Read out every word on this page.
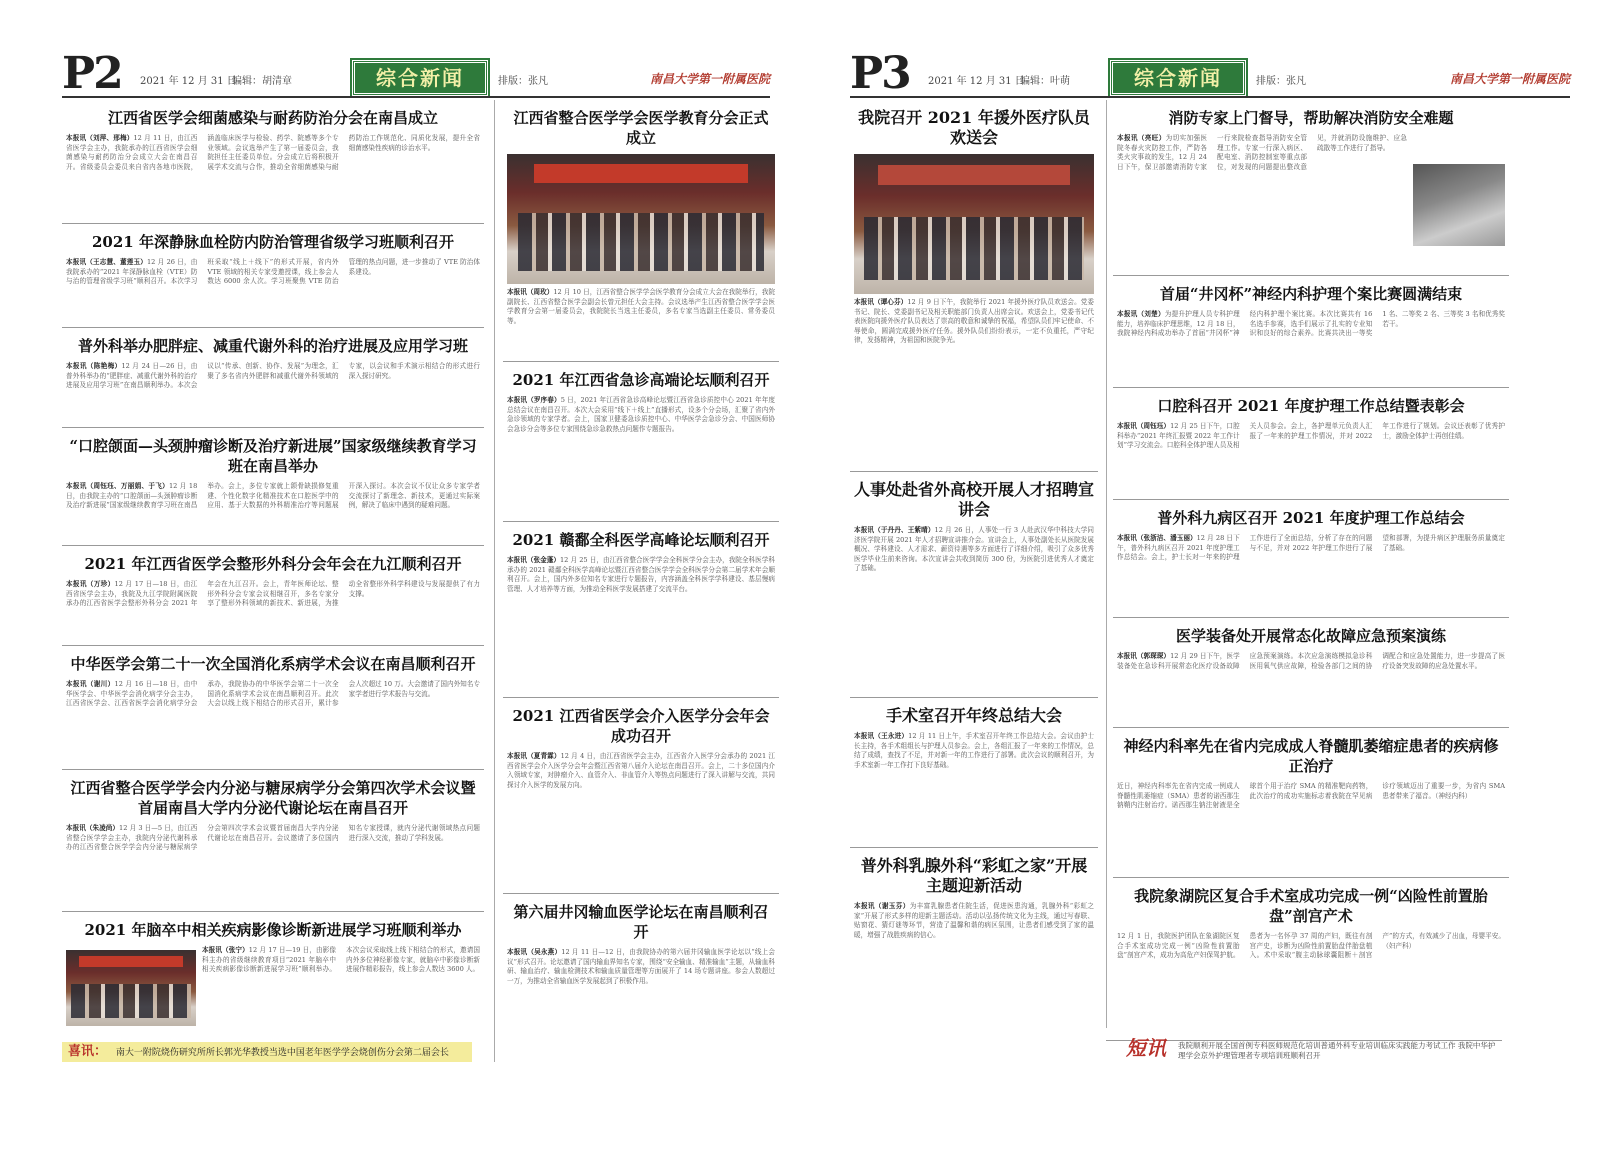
P2 2021 年 12 月 31 日
编辑：胡清章	综合新闻	排版：张凡	南昌大学第一附属医院
江西省医学会细菌感染与耐药防治分会在南昌成立
本报讯（刘萍、邢梅）12 月 11 日，由江西省医学会主办，我院承办的江西省医学会细菌感染与耐药防治分会成立大会在南昌召开。省级委员会委员来自省内各地市医院，涵盖临床医学与检验、药学、院感等多个专业领域。会议选举产生了第一届委员会，我院担任主任委员单位。分会成立后将积极开展学术交流与合作，推动全省细菌感染与耐药防治工作规范化、同质化发展，提升全省细菌感染性疾病的诊治水平。
2021 年深静脉血栓防内防治管理省级学习班顺利召开
本报讯（王志慧、董莲玉）12 月 26 日，由我院承办的“2021 年深静脉血栓（VTE）防与治的管理省级学习班”顺利召开。本次学习班采取“线上＋线下”的形式开展，省内外 VTE 领域的相关专家受邀授课，线上参会人数达 6000 余人次。学习班聚焦 VTE 防治管理的热点问题，进一步推动了 VTE 防治体系建设。
普外科举办肥胖症、减重代谢外科的治疗进展及应用学习班
本报讯（陈艳梅）12 月 24 日—26 日，由普外科举办的“肥胖症、减重代谢外科的治疗进展及应用学习班”在南昌顺利举办。本次会议以“传承、创新、协作、发展”为理念，汇聚了多名省内外肥胖和减重代谢外科领域的专家，以会议和手术演示相结合的形式进行深入探讨研究。
“口腔颌面—头颈肿瘤诊断及治疗新进展”国家级继续教育学习班在南昌举办
本报讯（周钰珏、万丽娟、于飞）12 月 18 日，由我院主办的“口腔颌面—头颈肿瘤诊断及治疗新进展”国家级继续教育学习班在南昌举办。会上，多位专家就上颌骨缺损修复重建、个性化数字化精准技术在口腔医学中的应用、基于大数据的外科精准治疗等问题展开深入探讨。本次会议不仅让众多专家学者交流探讨了新理念、新技术，更通过实际案例，解决了临床中遇到的疑难问题。
2021 年江西省医学会整形外科分会年会在九江顺利召开
本报讯（万珍）12 月 17 日—18 日，由江西省医学会主办，我院及九江学院附属医院承办的江西省医学会整形外科分会 2021 年年会在九江召开。会上，青年医师论坛、整形外科分会专家会议相继召开，多名专家分享了整形外科领域的新技术、新进展，为推动全省整形外科学科建设与发展提供了有力支撑。
中华医学会第二十一次全国消化系病学术会议在南昌顺利召开
本报讯（谢川）12 月 16 日—18 日，由中华医学会、中华医学会消化病学分会主办，江西省医学会、江西省医学会消化病学分会承办，我院协办的中华医学会第二十一次全国消化系病学术会议在南昌顺利召开。此次大会以线上线下相结合的形式召开，累计参会人次超过 10 万。大会邀请了国内外知名专家学者进行学术报告与交流。
江西省整合医学学会内分泌与糖尿病学分会第四次学术会议暨首届南昌大学内分泌代谢论坛在南昌召开
本报讯（朱凌尚）12 月 3 日—5 日，由江西省整合医学学会主办，我院内分泌代谢科承办的江西省整合医学学会内分泌与糖尿病学分会第四次学术会议暨首届南昌大学内分泌代谢论坛在南昌召开。会议邀请了多位国内知名专家授课，就内分泌代谢领域热点问题进行深入交流，推动了学科发展。
2021 年脑卒中相关疾病影像诊断新进展学习班顺利举办
本报讯（张宁）12 月 17 日—19 日，由影像科主办的省级继续教育项目“2021 年脑卒中相关疾病影像诊断新进展学习班”顺利举办。本次会议采取线上线下相结合的形式，邀请国内外多位神经影像专家，就脑卒中影像诊断新进展作精彩报告，线上参会人数达 3600 人。
江西省整合医学学会医学教育分会正式成立
本报讯（周玫）12 月 10 日，江西省整合医学学会医学教育分会成立大会在我院举行，我院副院长、江西省整合医学会副会长曾元担任大会主持。会议选举产生江西省整合医学学会医学教育分会第一届委员会，我院院长当选主任委员，多名专家当选副主任委员、常务委员等。
2021 年江西省急诊高端论坛顺利召开
本报讯（罗序春）5 日，2021 年江西省急诊高峰论坛暨江西省急诊质控中心 2021 年年度总结会议在南昌召开。本次大会采用“线下＋线上”直播形式，设多个分会场，汇聚了省内外急诊领域的专家学者。会上，国家卫健委急诊质控中心、中华医学会急诊分会、中国医师协会急诊分会等多位专家围绕急诊急救热点问题作专题报告。
2021 赣鄱全科医学高峰论坛顺利召开
本报讯（张金蓬）12 月 25 日，由江西省整合医学学会全科医学分会主办，我院全科医学科承办的 2021 赣鄱全科医学高峰论坛暨江西省整合医学学会全科医学分会第二届学术年会顺利召开。会上，国内外多位知名专家进行专题报告，内容涵盖全科医学学科建设、基层慢病管理、人才培养等方面，为推动全科医学发展搭建了交流平台。
2021 江西省医学会介入医学分会年会成功召开
本报讯（夏青霖）12 月 4 日，由江西省医学会主办，江西省介入医学分会承办的 2021 江西省医学会介入医学分会年会暨江西省第八届介入论坛在南昌召开。会上，二十多位国内介入领域专家，对肿瘤介入、血管介入、非血管介入等热点问题进行了深入讲解与交流，共同探讨介入医学的发展方向。
第六届井冈输血医学论坛在南昌顺利召开
本报讯（吴永燕）12 月 11 日—12 日，由我院协办的第六届井冈输血医学论坛以“线上会议”形式召开。论坛邀请了国内输血界知名专家，围绕“安全输血、精准输血”主题，从输血科研、输血治疗、输血检测技术和输血质量管理等方面展开了 14 场专题讲座。参会人数超过一万，为推动全省输血医学发展起到了积极作用。
喜讯： 南大一附院烧伤研究所所长郭光华教授当选中国老年医学学会烧创伤分会第二届会长
P3 2021 年 12 月 31 日
编辑：叶萌	综合新闻	排版：张凡	南昌大学第一附属医院
我院召开 2021 年援外医疗队员欢送会
本报讯（谭心芬）12 月 9 日下午，我院举行 2021 年援外医疗队员欢送会。党委书记、院长、党委副书记及相关职能部门负责人出席会议。欢送会上，党委书记代表医院向援外医疗队员表达了崇高的敬意和诚挚的祝福，希望队员们牢记使命、不辱使命，圆满完成援外医疗任务。援外队员们纷纷表示，一定不负重托，严守纪律，发扬精神，为祖国和医院争光。
人事处赴省外高校开展人才招聘宣讲会
本报讯（于丹丹、王紫晴）12 月 26 日，人事处一行 3 人赴武汉华中科技大学同济医学院开展 2021 年人才招聘宣讲推介会。宣讲会上，人事处副处长从医院发展概况、学科建设、人才需求、薪资待遇等多方面进行了详细介绍，吸引了众多优秀医学毕业生前来咨询。本次宣讲会共收到简历 300 份，为医院引进优秀人才奠定了基础。
手术室召开年终总结大会
本报讯（王永进）12 月 11 日上午，手术室召开年终工作总结大会。会议由护士长主持，各手术组组长与护理人员参会。会上，各组汇报了一年来的工作情况，总结了成绩，查找了不足，并对新一年的工作进行了部署。此次会议的顺利召开，为手术室新一年工作打下良好基础。
普外科乳腺外科“彩虹之家”开展主题迎新活动
本报讯（谢玉芬）为丰富乳腺患者住院生活，促进医患沟通，乳腺外科“彩虹之家”开展了形式多样的迎新主题活动。活动以弘扬传统文化为主线，通过写春联、贴窗花、猜灯谜等环节，营造了温馨和谐的病区氛围，让患者们感受到了家的温暖，增强了战胜疾病的信心。
消防专家上门督导，帮助解决消防安全难题
本报讯（亮旺）为切实加强医院冬春火灾防控工作，严防各类火灾事故的发生，12 月 24 日下午，保卫部邀请消防专家一行来院检查指导消防安全管理工作。专家一行深入病区、配电室、消防控制室等重点部位，对发现的问题提出整改意见，并就消防设施维护、应急疏散等工作进行了指导。
首届“井冈杯”神经内科护理个案比赛圆满结束
本报讯（刘楚）为提升护理人员专科护理能力，培养临床护理思维，12 月 18 日，我院神经内科成功举办了首届“井冈杯”神经内科护理个案比赛。本次比赛共有 16 名选手参赛，选手们展示了扎实的专业知识和良好的综合素养。比赛共决出一等奖 1 名、二等奖 2 名、三等奖 3 名和优秀奖若干。
口腔科召开 2021 年度护理工作总结暨表彰会
本报讯（周钰珏）12 月 25 日下午，口腔科举办“2021 年终汇报暨 2022 年工作计划”学习交流会。口腔科全体护理人员及相关人员参会。会上，各护理单元负责人汇报了一年来的护理工作情况，并对 2022 年工作进行了规划。会议还表彰了优秀护士，激励全体护士再创佳绩。
普外科九病区召开 2021 年度护理工作总结会
本报讯（张浙洁、潘玉丽）12 月 28 日下午，普外科九病区召开 2021 年度护理工作总结会。会上，护士长对一年来的护理工作进行了全面总结，分析了存在的问题与不足，并对 2022 年护理工作进行了展望和部署，为提升病区护理服务质量奠定了基础。
医学装备处开展常态化故障应急预案演练
本报讯（郭琛琛）12 月 29 日下午，医学装备处在急诊科开展常态化医疗设备故障应急预案演练。本次应急演练模拟急诊科医用氧气供应故障，检验各部门之间的协调配合和应急处置能力，进一步提高了医疗设备突发故障的应急处置水平。
神经内科率先在省内完成成人脊髓肌萎缩症患者的疾病修正治疗
近日，神经内科率先在省内完成一例成人脊髓性肌萎缩症（SMA）患者的诺西那生钠鞘内注射治疗。诺西那生钠注射液是全球首个用于治疗 SMA 的精准靶向药物，此次治疗的成功实施标志着我院在罕见病诊疗领域迈出了重要一步，为省内 SMA 患者带来了福音。（神经内科）
我院象湖院区复合手术室成功完成一例“凶险性前置胎盘”剖宫产术
12 月 1 日，我院医护团队在象湖院区复合手术室成功完成一例“凶险性前置胎盘”剖宫产术，成功为高危产妇保驾护航。患者为一名怀孕 37 周的产妇，既往有剖宫产史，诊断为凶险性前置胎盘伴胎盘植入。术中采取“腹主动脉球囊阻断＋剖宫产”的方式，有效减少了出血，母婴平安。（妇产科）
短讯 我院顺利开展全国首例专科医师规范化培训普通外科专业培训临床实践能力考试工作 我院中华护理学会京外护理管理者专项培训班顺利召开
